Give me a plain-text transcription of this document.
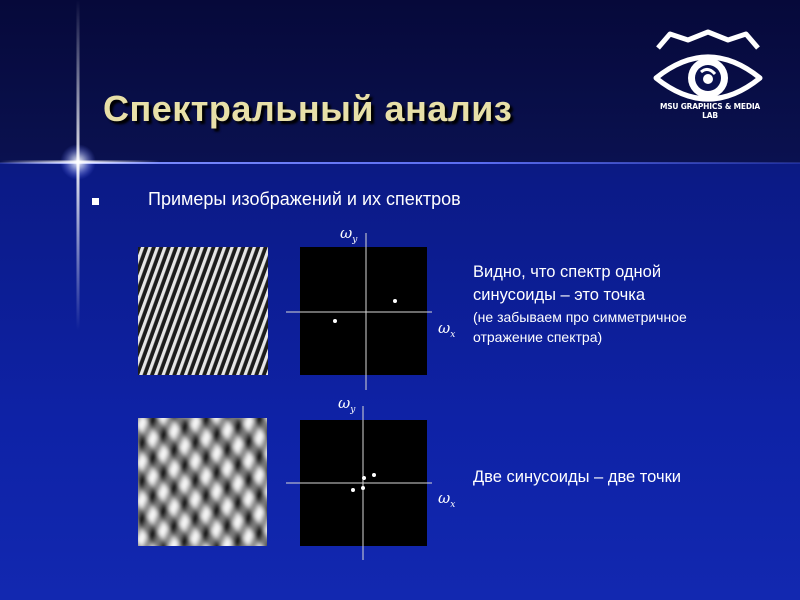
Спектральный анализ	MSU GRAPHICS & MEDIA LAB
Примеры изображений и их спектров
$\omega_y$
$\omega_x$
$\omega_y$
$\omega_x$
Видно, что спектр одной
синусоиды – это точка
(не забываем про симметричное
отражение спектра)
Две синусоиды – две точки
